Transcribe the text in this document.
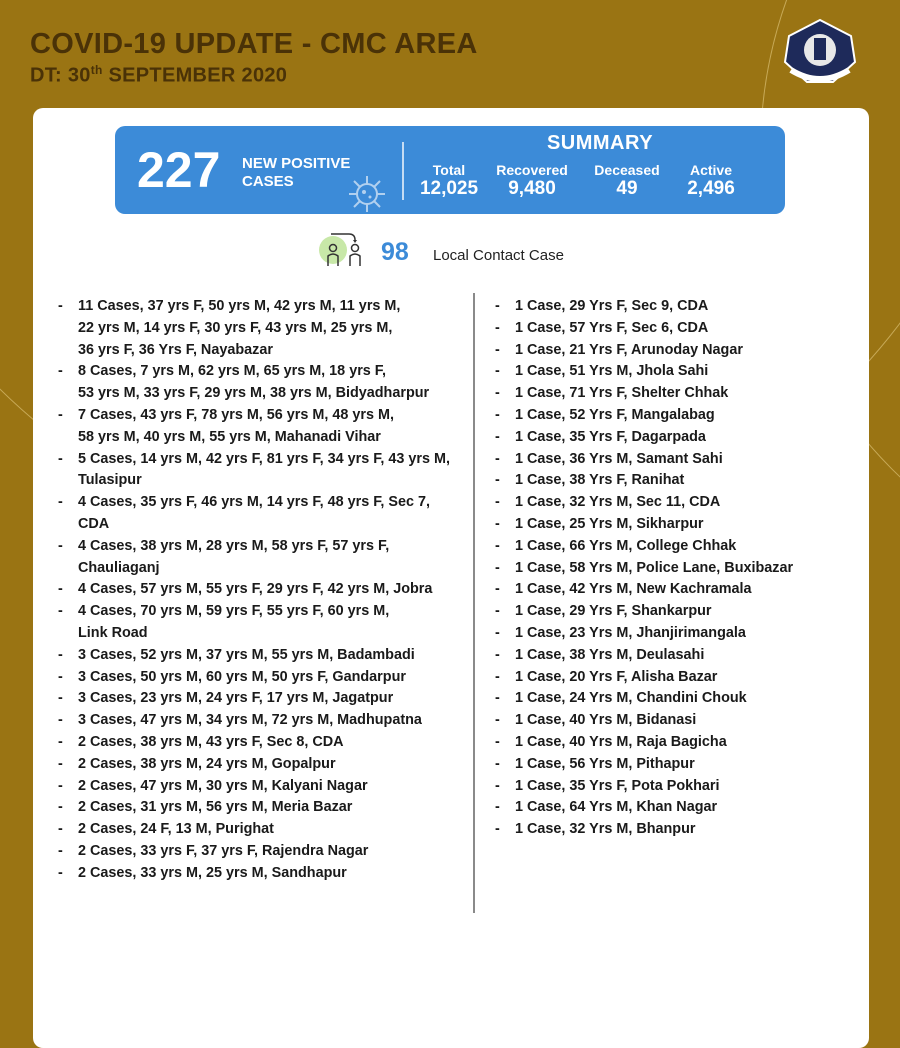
COVID-19 UPDATE - CMC AREA
DT: 30th SEPTEMBER 2020
227 NEW POSITIVE
CASES
SUMMARY
Total
12,025
Recovered
9,480
Deceased
49
Active
2,496
98 Local Contact Case
- 11 Cases, 37 yrs F, 50 yrs M, 42 yrs M, 11 yrs M,
22 yrs M, 14 yrs F, 30 yrs F, 43 yrs M, 25 yrs M,
36 yrs F, 36 Yrs F, Nayabazar
- 8 Cases, 7 yrs M, 62 yrs M, 65 yrs M, 18 yrs F,
53 yrs M, 33 yrs F, 29 yrs M, 38 yrs M, Bidyadharpur
- 7 Cases, 43 yrs F, 78 yrs M, 56 yrs M, 48 yrs M,
58 yrs M, 40 yrs M, 55 yrs M, Mahanadi Vihar
- 5 Cases, 14 yrs M, 42 yrs F, 81 yrs F, 34 yrs F, 43 yrs M,
Tulasipur
- 4 Cases, 35 yrs F, 46 yrs M, 14 yrs F, 48 yrs F, Sec 7,
CDA
- 4 Cases, 38 yrs M, 28 yrs M, 58 yrs F, 57 yrs F,
Chauliaganj
- 4 Cases, 57 yrs M, 55 yrs F, 29 yrs F, 42 yrs M, Jobra
- 4 Cases, 70 yrs M, 59 yrs F, 55 yrs F, 60 yrs M,
Link Road
- 3 Cases, 52 yrs M, 37 yrs M, 55 yrs M, Badambadi
- 3 Cases, 50 yrs M, 60 yrs M, 50 yrs F, Gandarpur
- 3 Cases, 23 yrs M, 24 yrs F, 17 yrs M, Jagatpur
- 3 Cases, 47 yrs M, 34 yrs M, 72 yrs M, Madhupatna
- 2 Cases, 38 yrs M, 43 yrs F, Sec 8, CDA
- 2 Cases, 38 yrs M, 24 yrs M, Gopalpur
- 2 Cases, 47 yrs M, 30 yrs M, Kalyani Nagar
- 2 Cases, 31 yrs M, 56 yrs M, Meria Bazar
- 2 Cases, 24 F, 13 M, Purighat
- 2 Cases, 33 yrs F, 37 yrs F, Rajendra Nagar
- 2 Cases, 33 yrs M, 25 yrs M, Sandhapur
- 1 Case, 29 Yrs F, Sec 9, CDA
- 1 Case, 57 Yrs F, Sec 6, CDA
- 1 Case, 21 Yrs F, Arunoday Nagar
- 1 Case, 51 Yrs M, Jhola Sahi
- 1 Case, 71 Yrs F, Shelter Chhak
- 1 Case, 52 Yrs F, Mangalabag
- 1 Case, 35 Yrs F, Dagarpada
- 1 Case, 36 Yrs M, Samant Sahi
- 1 Case, 38 Yrs F, Ranihat
- 1 Case, 32 Yrs M, Sec 11, CDA
- 1 Case, 25 Yrs M, Sikharpur
- 1 Case, 66 Yrs M, College Chhak
- 1 Case, 58 Yrs M, Police Lane, Buxibazar
- 1 Case, 42 Yrs M, New Kachramala
- 1 Case, 29 Yrs F, Shankarpur
- 1 Case, 23 Yrs M, Jhanjirimangala
- 1 Case, 38 Yrs M, Deulasahi
- 1 Case, 20 Yrs F, Alisha Bazar
- 1 Case, 24 Yrs M, Chandini Chouk
- 1 Case, 40 Yrs M, Bidanasi
- 1 Case, 40 Yrs M, Raja Bagicha
- 1 Case, 56 Yrs M, Pithapur
- 1 Case, 35 Yrs F, Pota Pokhari
- 1 Case, 64 Yrs M, Khan Nagar
- 1 Case, 32 Yrs M, Bhanpur
